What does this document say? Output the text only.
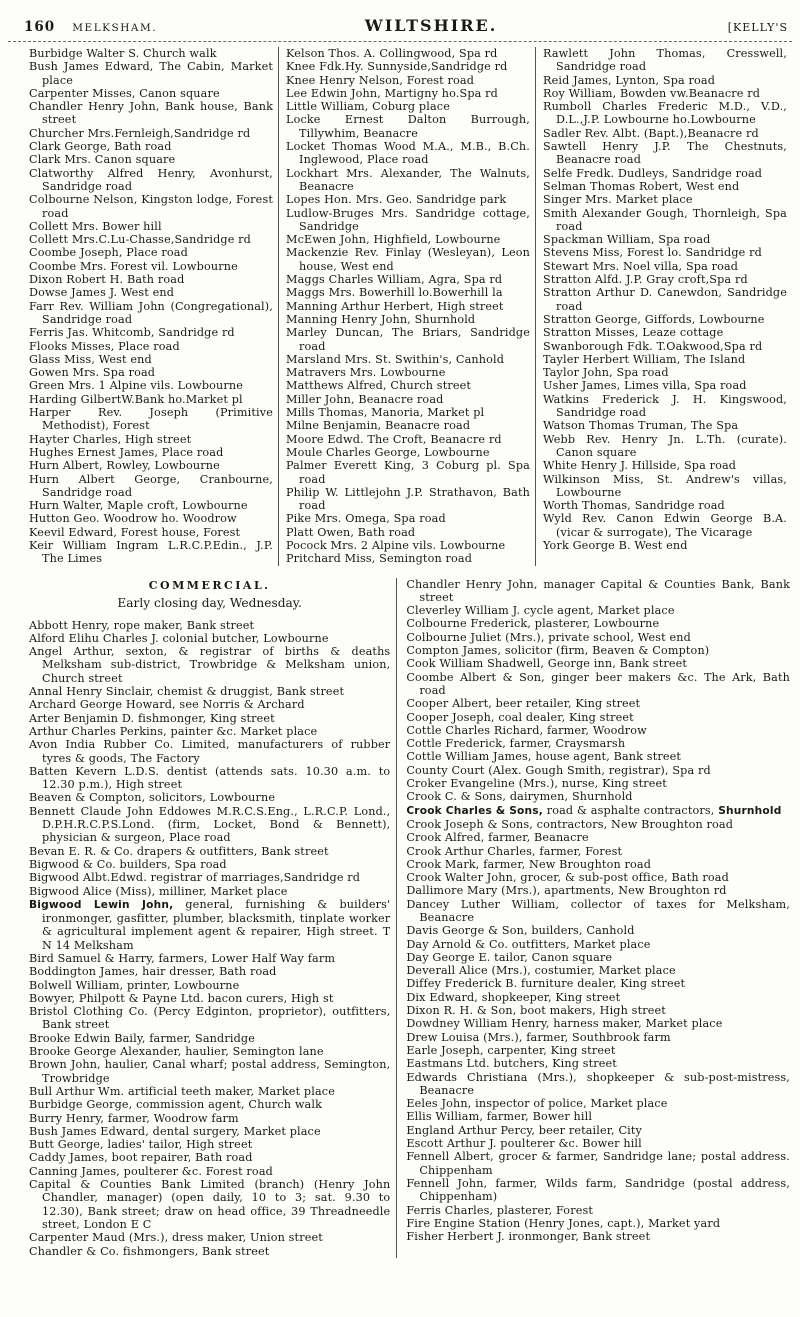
160 MELKSHAM.	WILTSHIRE.	[KELLY'S
Burbidge Walter S. Church walk
Bush James Edward, The Cabin, Market place
Carpenter Misses, Canon square
Chandler Henry John, Bank house, Bank street
Churcher Mrs.Fernleigh,Sandridge rd
Clark George, Bath road
Clark Mrs. Canon square
Clatworthy Alfred Henry, Avonhurst, Sandridge road
Colbourne Nelson, Kingston lodge, Forest road
Collett Mrs. Bower hill
Collett Mrs.C.Lu-Chasse,Sandridge rd
Coombe Joseph, Place road
Coombe Mrs. Forest vil. Lowbourne
Dixon Robert H. Bath road
Dowse James J. West end
Farr Rev. William John (Congregational), Sandridge road
Ferris Jas. Whitcomb, Sandridge rd
Flooks Misses, Place road
Glass Miss, West end
Gowen Mrs. Spa road
Green Mrs. 1 Alpine vils. Lowbourne
Harding GilbertW.Bank ho.Market pl
Harper Rev. Joseph (Primitive Methodist), Forest
Hayter Charles, High street
Hughes Ernest James, Place road
Hurn Albert, Rowley, Lowbourne
Hurn Albert George, Cranbourne, Sandridge road
Hurn Walter, Maple croft, Lowbourne
Hutton Geo. Woodrow ho. Woodrow
Keevil Edward, Forest house, Forest
Keir William Ingram L.R.C.P.Edin., J.P. The Limes
Kelson Thos. A. Collingwood, Spa rd
Knee Fdk.Hy. Sunnyside,Sandridge rd
Knee Henry Nelson, Forest road
Lee Edwin John, Martigny ho.Spa rd
Little William, Coburg place
Locke Ernest Dalton Burrough, Tillywhim, Beanacre
Locket Thomas Wood M.A., M.B., B.Ch. Inglewood, Place road
Lockhart Mrs. Alexander, The Walnuts, Beanacre
Lopes Hon. Mrs. Geo. Sandridge park
Ludlow-Bruges Mrs. Sandridge cottage, Sandridge
McEwen John, Highfield, Lowbourne
Mackenzie Rev. Finlay (Wesleyan), Leon house, West end
Maggs Charles William, Agra, Spa rd
Maggs Mrs. Bowerhill lo.Bowerhill la
Manning Arthur Herbert, High street
Manning Henry John, Shurnhold
Marley Duncan, The Briars, Sandridge road
Marsland Mrs. St. Swithin's, Canhold
Matravers Mrs. Lowbourne
Matthews Alfred, Church street
Miller John, Beanacre road
Mills Thomas, Manoria, Market pl
Milne Benjamin, Beanacre road
Moore Edwd. The Croft, Beanacre rd
Moule Charles George, Lowbourne
Palmer Everett King, 3 Coburg pl. Spa road
Philip W. Littlejohn J.P. Strathavon, Bath road
Pike Mrs. Omega, Spa road
Platt Owen, Bath road
Pocock Mrs. 2 Alpine vils. Lowbourne
Pritchard Miss, Semington road
Rawlett John Thomas, Cresswell, Sandridge road
Reid James, Lynton, Spa road
Roy William, Bowden vw.Beanacre rd
Rumboll Charles Frederic M.D., V.D., D.L.,J.P. Lowbourne ho.Lowbourne
Sadler Rev. Albt. (Bapt.),Beanacre rd
Sawtell Henry J.P. The Chestnuts, Beanacre road
Selfe Fredk. Dudleys, Sandridge road
Selman Thomas Robert, West end
Singer Mrs. Market place
Smith Alexander Gough, Thornleigh, Spa road
Spackman William, Spa road
Stevens Miss, Forest lo. Sandridge rd
Stewart Mrs. Noel villa, Spa road
Stratton Alfd. J.P. Gray croft,Spa rd
Stratton Arthur D. Canewdon, Sandridge road
Stratton George, Giffords, Lowbourne
Stratton Misses, Leaze cottage
Swanborough Fdk. T.Oakwood,Spa rd
Tayler Herbert William, The Island
Taylor John, Spa road
Usher James, Limes villa, Spa road
Watkins Frederick J. H. Kingswood, Sandridge road
Watson Thomas Truman, The Spa
Webb Rev. Henry Jn. L.Th. (curate). Canon square
White Henry J. Hillside, Spa road
Wilkinson Miss, St. Andrew's villas, Lowbourne
Worth Thomas, Sandridge road
Wyld Rev. Canon Edwin George B.A. (vicar & surrogate), The Vicarage
York George B. West end
COMMERCIAL.
Early closing day, Wednesday.
Abbott Henry, rope maker, Bank street
Alford Elihu Charles J. colonial butcher, Lowbourne
Angel Arthur, sexton, & registrar of births & deaths Melksham sub-district, Trowbridge & Melksham union, Church street
Annal Henry Sinclair, chemist & druggist, Bank street
Archard George Howard, see Norris & Archard
Arter Benjamin D. fishmonger, King street
Arthur Charles Perkins, painter &c. Market place
Avon India Rubber Co. Limited, manufacturers of rubber tyres & goods, The Factory
Batten Kevern L.D.S. dentist (attends sats. 10.30 a.m. to 12.30 p.m.), High street
Beaven & Compton, solicitors, Lowbourne
Bennett Claude John Eddowes M.R.C.S.Eng., L.R.C.P. Lond., D.P.H.R.C.P.S.Lond. (firm, Locket, Bond & Bennett), physician & surgeon, Place road
Bevan E. R. & Co. drapers & outfitters, Bank street
Bigwood & Co. builders, Spa road
Bigwood Albt.Edwd. registrar of marriages,Sandridge rd
Bigwood Alice (Miss), milliner, Market place
Bigwood Lewin John, general, furnishing & builders' ironmonger, gasfitter, plumber, blacksmith, tinplate worker & agricultural implement agent & repairer, High street. T N 14 Melksham
Bird Samuel & Harry, farmers, Lower Half Way farm
Boddington James, hair dresser, Bath road
Bolwell William, printer, Lowbourne
Bowyer, Philpott & Payne Ltd. bacon curers, High st
Bristol Clothing Co. (Percy Edginton, proprietor), outfitters, Bank street
Brooke Edwin Baily, farmer, Sandridge
Brooke George Alexander, haulier, Semington lane
Brown John, haulier, Canal wharf; postal address, Semington, Trowbridge
Bull Arthur Wm. artificial teeth maker, Market place
Burbidge George, commission agent, Church walk
Burry Henry, farmer, Woodrow farm
Bush James Edward, dental surgery, Market place
Butt George, ladies' tailor, High street
Caddy James, boot repairer, Bath road
Canning James, poulterer &c. Forest road
Capital & Counties Bank Limited (branch) (Henry John Chandler, manager) (open daily, 10 to 3; sat. 9.30 to 12.30), Bank street; draw on head office, 39 Threadneedle street, London E C
Carpenter Maud (Mrs.), dress maker, Union street
Chandler & Co. fishmongers, Bank street
Chandler Henry John, manager Capital & Counties Bank, Bank street
Cleverley William J. cycle agent, Market place
Colbourne Frederick, plasterer, Lowbourne
Colbourne Juliet (Mrs.), private school, West end
Compton James, solicitor (firm, Beaven & Compton)
Cook William Shadwell, George inn, Bank street
Coombe Albert & Son, ginger beer makers &c. The Ark, Bath road
Cooper Albert, beer retailer, King street
Cooper Joseph, coal dealer, King street
Cottle Charles Richard, farmer, Woodrow
Cottle Frederick, farmer, Craysmarsh
Cottle William James, house agent, Bank street
County Court (Alex. Gough Smith, registrar), Spa rd
Croker Evangeline (Mrs.), nurse, King street
Crook C. & Sons, dairymen, Shurnhold
Crook Charles & Sons, road & asphalte contractors, Shurnhold
Crook Joseph & Sons, contractors, New Broughton road
Crook Alfred, farmer, Beanacre
Crook Arthur Charles, farmer, Forest
Crook Mark, farmer, New Broughton road
Crook Walter John, grocer, & sub-post office, Bath road
Dallimore Mary (Mrs.), apartments, New Broughton rd
Dancey Luther William, collector of taxes for Melksham, Beanacre
Davis George & Son, builders, Canhold
Day Arnold & Co. outfitters, Market place
Day George E. tailor, Canon square
Deverall Alice (Mrs.), costumier, Market place
Diffey Frederick B. furniture dealer, King street
Dix Edward, shopkeeper, King street
Dixon R. H. & Son, boot makers, High street
Dowdney William Henry, harness maker, Market place
Drew Louisa (Mrs.), farmer, Southbrook farm
Earle Joseph, carpenter, King street
Eastmans Ltd. butchers, King street
Edwards Christiana (Mrs.), shopkeeper & sub-post-mistress, Beanacre
Eeles John, inspector of police, Market place
Ellis William, farmer, Bower hill
England Arthur Percy, beer retailer, City
Escott Arthur J. poulterer &c. Bower hill
Fennell Albert, grocer & farmer, Sandridge lane; postal address. Chippenham
Fennell John, farmer, Wilds farm, Sandridge (postal address, Chippenham)
Ferris Charles, plasterer, Forest
Fire Engine Station (Henry Jones, capt.), Market yard
Fisher Herbert J. ironmonger, Bank street
